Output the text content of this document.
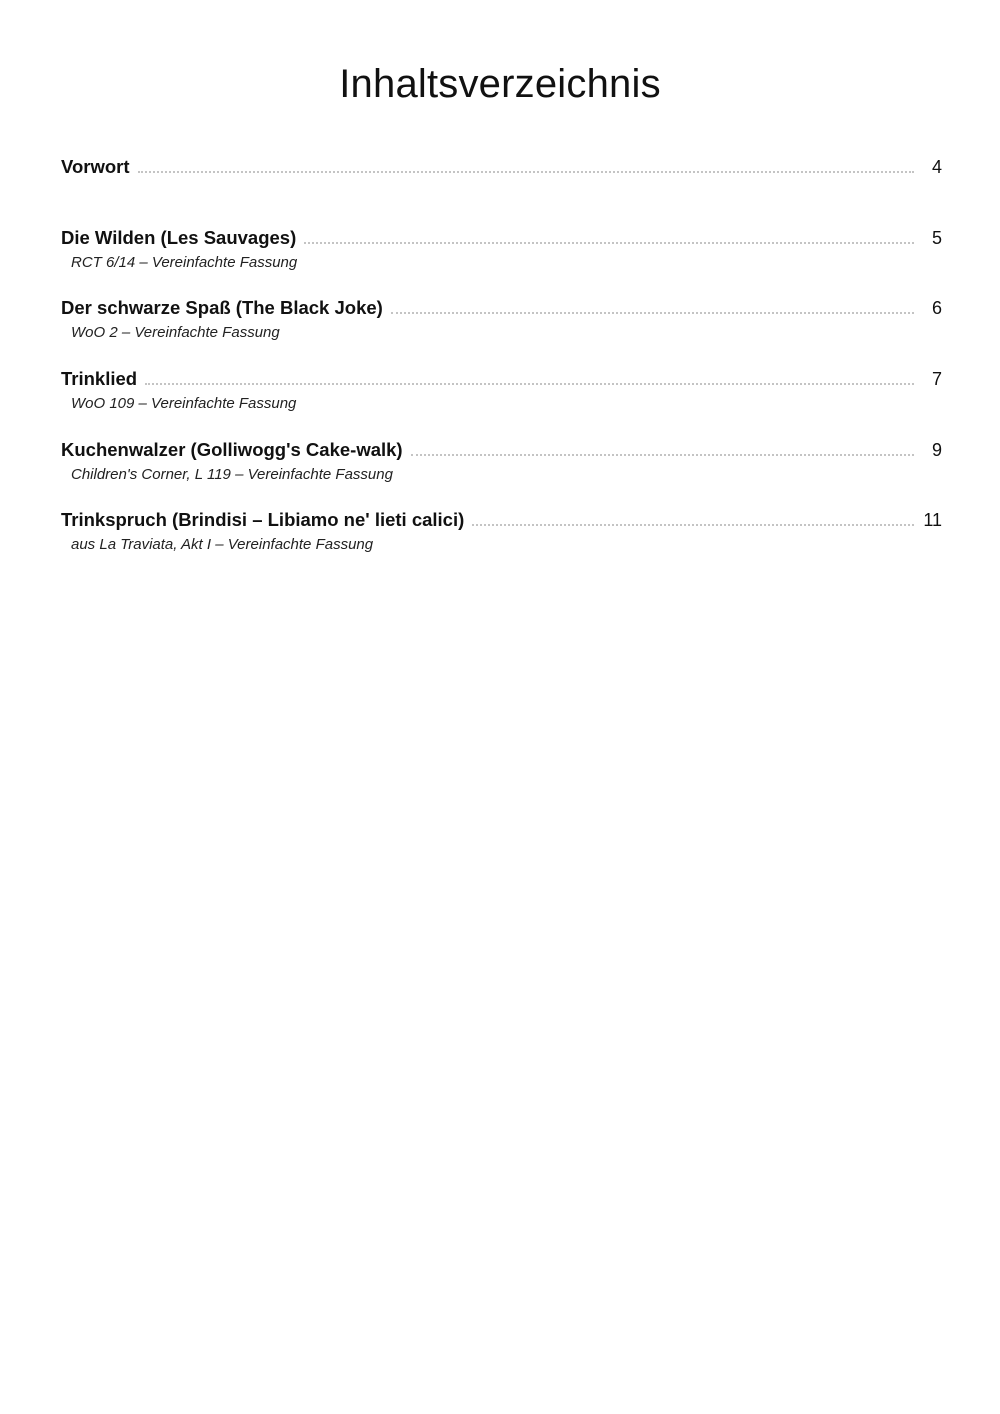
Inhaltsverzeichnis
Vorwort	4
Die Wilden (Les Sauvages)	5
RCT 6/14 – Vereinfachte Fassung
Der schwarze Spaß (The Black Joke)	6
WoO 2 – Vereinfachte Fassung
Trinklied	7
WoO 109 – Vereinfachte Fassung
Kuchenwalzer (Golliwogg's Cake-walk)	9
Children's Corner, L 119 – Vereinfachte Fassung
Trinkspruch (Brindisi – Libiamo ne' lieti calici)	11
aus La Traviata, Akt I – Vereinfachte Fassung
